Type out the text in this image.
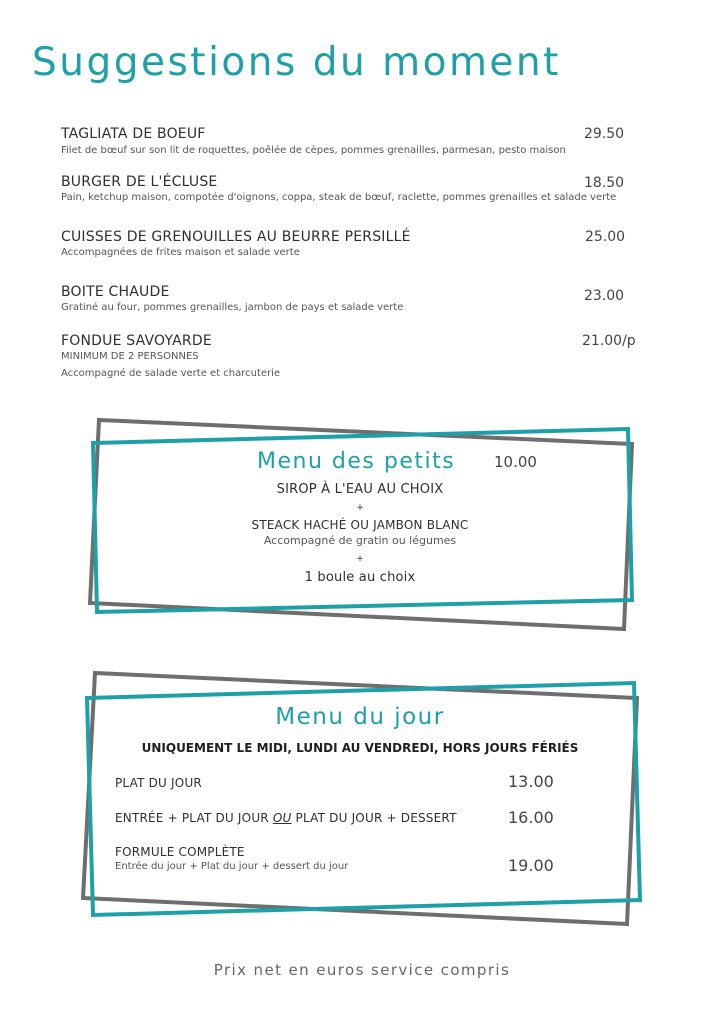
Suggestions du moment
TAGLIATA DE BOEUF	29.50
Filet de bœuf sur son lit de roquettes, poêlée de cèpes, pommes grenailles, parmesan, pesto maison
BURGER DE L'ÉCLUSE	18.50
Pain, ketchup maison, compotée d'oignons, coppa, steak de bœuf, raclette, pommes grenailles et salade verte
CUISSES DE GRENOUILLES AU BEURRE PERSILLÉ	25.00
Accompagnées de frites maison et salade verte
BOITE CHAUDE	23.00
Gratiné au four, pommes grenailles, jambon de pays et salade verte
FONDUE SAVOYARDE	21.00/p
MINIMUM DE 2 PERSONNES
Accompagné de salade verte et charcuterie
Menu des petits	10.00
SIROP À L'EAU AU CHOIX
+
STEACK HACHÉ OU JAMBON BLANC
Accompagné de gratin ou légumes
+
1 boule au choix
Menu du jour
UNIQUEMENT LE MIDI, LUNDI AU VENDREDI, HORS JOURS FÉRIÉS
PLAT DU JOUR	13.00
ENTRÉE + PLAT DU JOUR OU PLAT DU JOUR + DESSERT	16.00
FORMULE COMPLÈTE
Entrée du jour + Plat du jour + dessert du jour	19.00
Prix net en euros service compris
